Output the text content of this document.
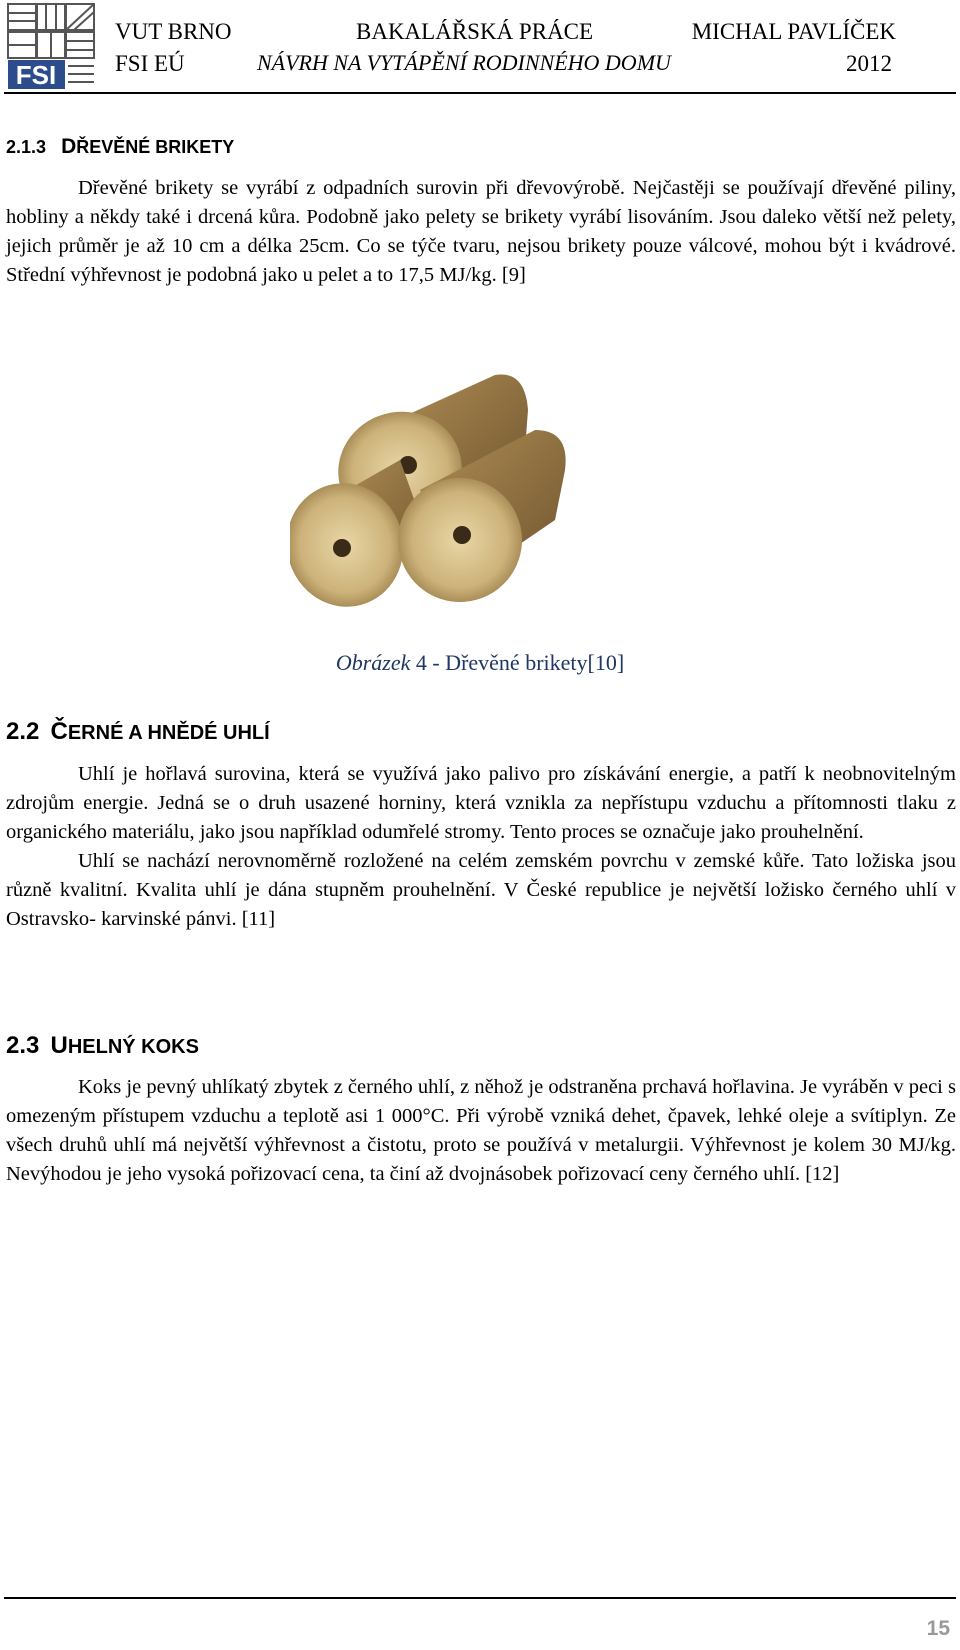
FSI
VUT BRNO
FSI EÚ
BAKALÁŘSKÁ PRÁCE
NÁVRH NA VYTÁPĚNÍ RODINNÉHO DOMU
MICHAL PAVLÍČEK
2012
2.1.3 DŘEVĚNÉ BRIKETY

Dřevěné brikety se vyrábí z odpadních surovin při dřevovýrobě. Nejčastěji se používají dřevěné piliny, hobliny a někdy také i drcená kůra. Podobně jako pelety se brikety vyrábí lisováním. Jsou daleko větší než pelety, jejich průměr je až 10 cm a délka 25cm. Co se týče tvaru, nejsou brikety pouze válcové, mohou být i kvádrové. Střední výhřevnost je podobná jako u pelet a to 17,5 MJ/kg. [9]

Obrázek 4 - Dřevěné brikety[10]
2.2 ČERNÉ A HNĚDÉ UHLÍ

Uhlí je hořlavá surovina, která se využívá jako palivo pro získávání energie, a patří k neobnovitelným zdrojům energie. Jedná se o druh usazené horniny, která vznikla za nepřístupu vzduchu a přítomnosti tlaku z organického materiálu, jako jsou například odumřelé stromy. Tento proces se označuje jako prouhelnění.

Uhlí se nachází nerovnoměrně rozložené na celém zemském povrchu v zemské kůře. Tato ložiska jsou různě kvalitní. Kvalita uhlí je dána stupněm prouhelnění. V České republice je největší ložisko černého uhlí v Ostravsko- karvinské pánvi. [11]

2.3 UHELNÝ KOKS

Koks je pevný uhlíkatý zbytek z černého uhlí, z něhož je odstraněna prchavá hořlavina. Je vyráběn v peci s omezeným přístupem vzduchu a teplotě asi 1 000°C. Při výrobě vzniká dehet, čpavek, lehké oleje a svítiplyn. Ze všech druhů uhlí má největší výhřevnost a čistotu, proto se používá v metalurgii. Výhřevnost je kolem 30 MJ/kg. Nevýhodou je jeho vysoká pořizovací cena, ta činí až dvojnásobek pořizovací ceny černého uhlí. [12]

15
